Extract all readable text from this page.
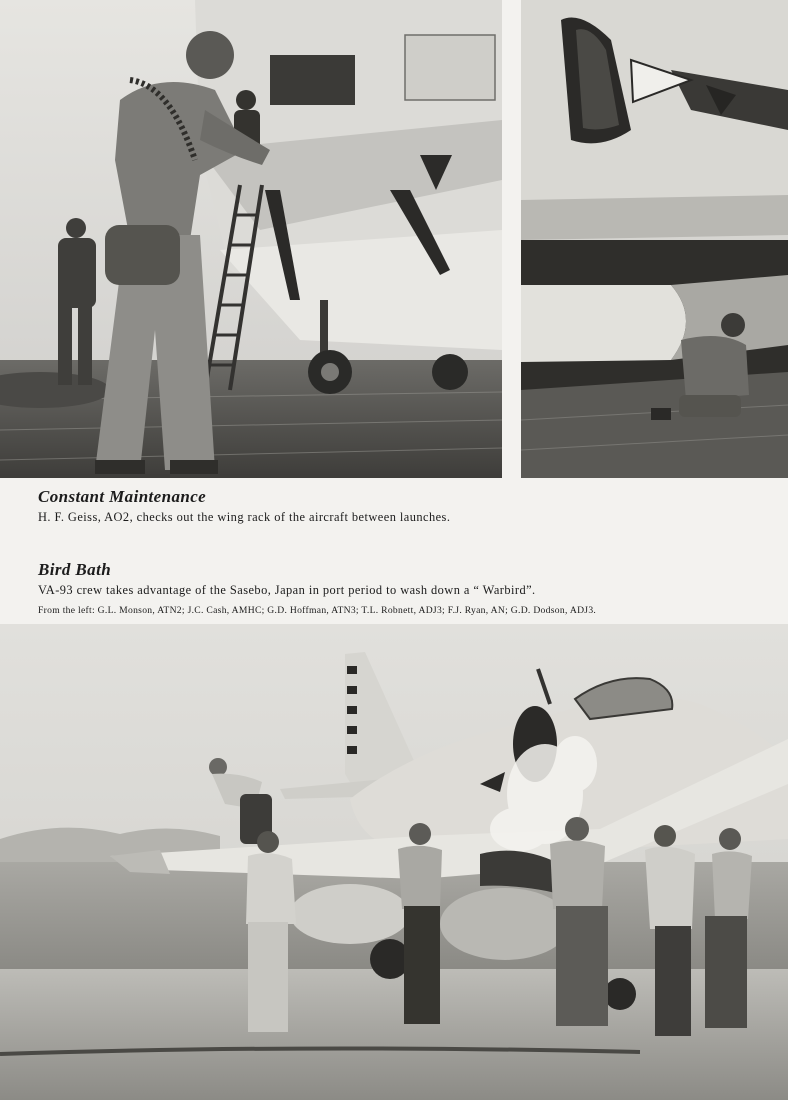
Constant Maintenance

H. F. Geiss, AO2, checks out the wing rack of the aircraft between launches.

Bird Bath

VA-93 crew takes advantage of the Sasebo, Japan in port period to wash down a “ Warbird”.

From the left: G.L. Monson, ATN2; J.C. Cash, AMHC; G.D. Hoffman, ATN3; T.L. Robnett, ADJ3; F.J. Ryan, AN; G.D. Dodson, ADJ3.
